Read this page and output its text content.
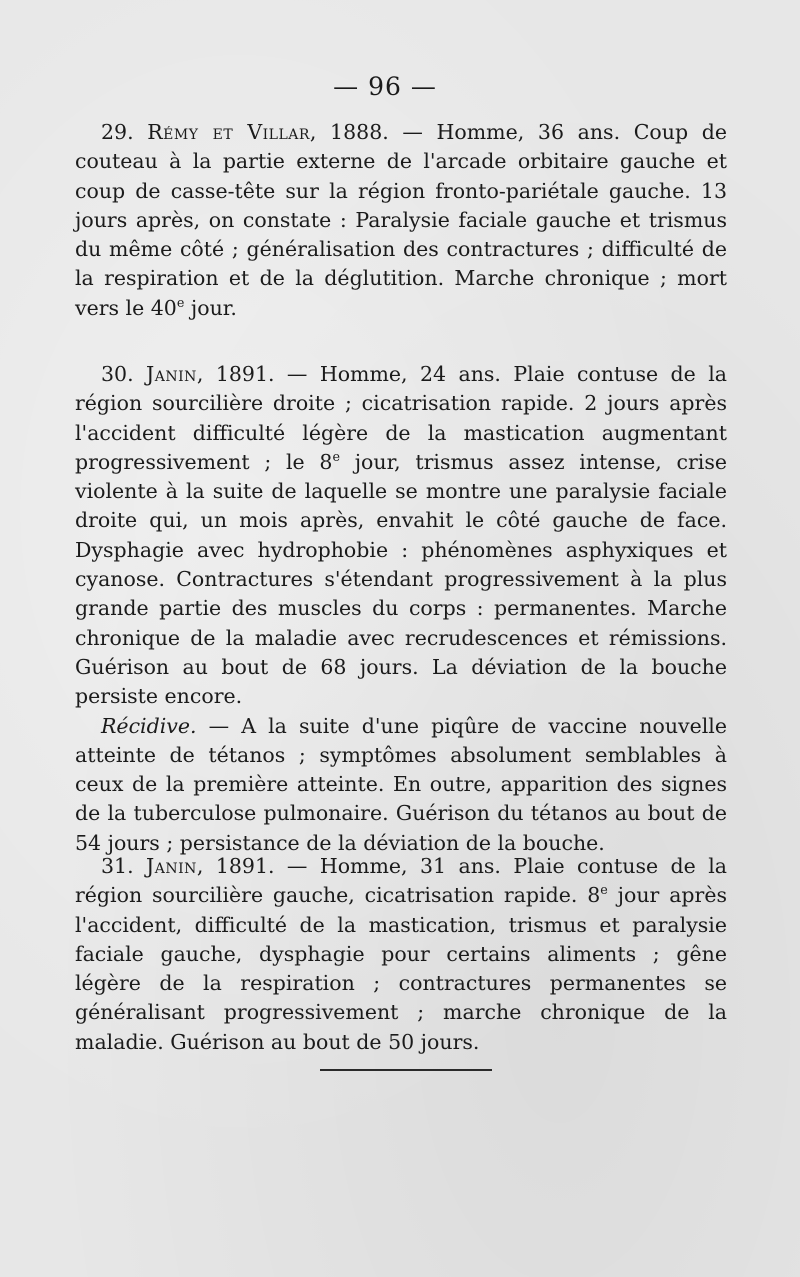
— 96 —

29. Rémy et Villar, 1888. — Homme, 36 ans. Coup de couteau à la partie externe de l'arcade orbitaire gauche et coup de casse-tête sur la région fronto-pariétale gauche. 13 jours après, on constate : Paralysie faciale gauche et trismus du même côté ; généralisation des contractures ; difficulté de la respiration et de la déglutition. Marche chronique ; mort vers le 40e jour.

30. Janin, 1891. — Homme, 24 ans. Plaie contuse de la région sourcilière droite ; cicatrisation rapide. 2 jours après l'accident difficulté légère de la mastication augmentant progressivement ; le 8e jour, trismus assez intense, crise violente à la suite de laquelle se montre une paralysie faciale droite qui, un mois après, envahit le côté gauche de face. Dysphagie avec hydrophobie : phénomènes asphyxiques et cyanose. Contractures s'étendant progressivement à la plus grande partie des muscles du corps : permanentes. Marche chronique de la maladie avec recrudescences et rémissions. Guérison au bout de 68 jours. La déviation de la bouche persiste encore.

Récidive. — A la suite d'une piqûre de vaccine nouvelle atteinte de tétanos ; symptômes absolument semblables à ceux de la première atteinte. En outre, apparition des signes de la tuberculose pulmonaire. Guérison du tétanos au bout de 54 jours ; persistance de la déviation de la bouche.

31. Janin, 1891. — Homme, 31 ans. Plaie contuse de la région sourcilière gauche, cicatrisation rapide. 8e jour après l'accident, difficulté de la mastication, trismus et paralysie faciale gauche, dysphagie pour certains aliments ; gêne légère de la respiration ; contractures permanentes se généralisant progressivement ; marche chronique de la maladie. Guérison au bout de 50 jours.
